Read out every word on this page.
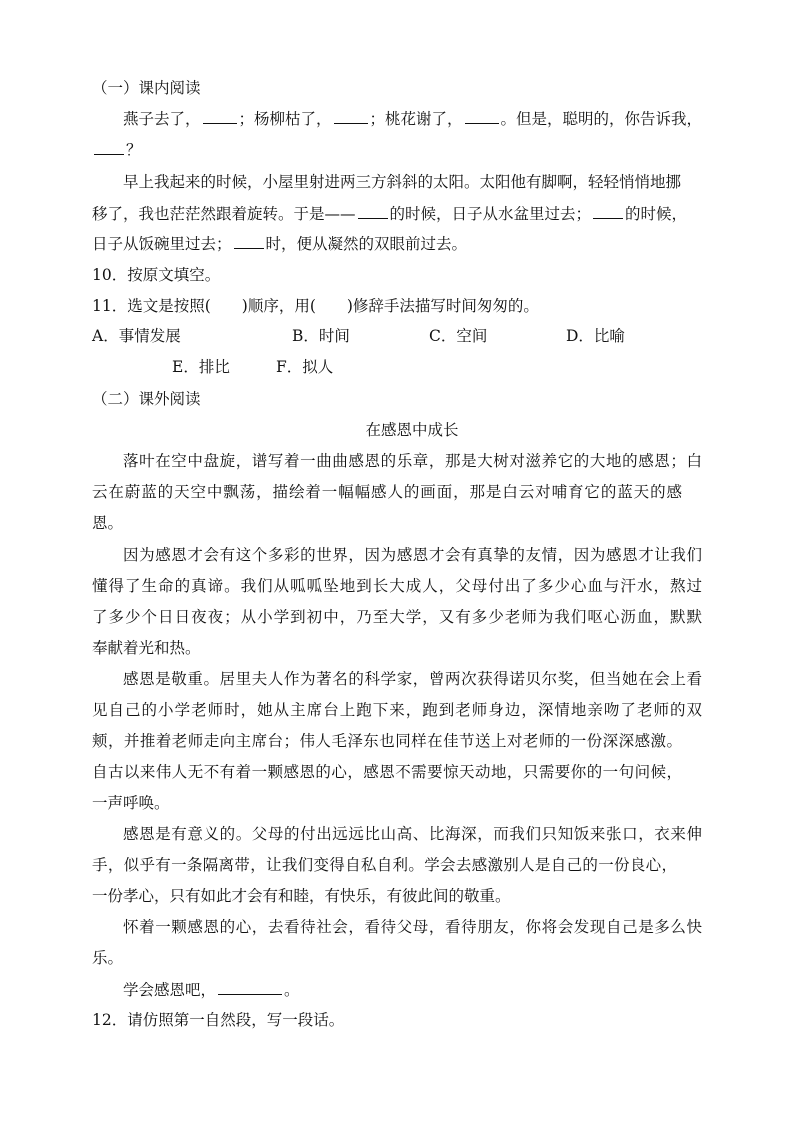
（一）课内阅读
燕子去了， ；杨柳枯了， ；桃花谢了， 。但是，聪明的，你告诉我，
？
早上我起来的时候，小屋里射进两三方斜斜的太阳。太阳他有脚啊，轻轻悄悄地挪
移了，我也茫茫然跟着旋转。于是—— 的时候，日子从水盆里过去； 的时候，
日子从饭碗里过去； 时，便从凝然的双眼前过去。
10．按原文填空。
11．选文是按照(　　)顺序，用(　　)修辞手法描写时间匆匆的。
A．事情发展	B．时间	C．空间	D．比喻
E．排比	F．拟人
（二）课外阅读
在感恩中成长
落叶在空中盘旋，谱写着一曲曲感恩的乐章，那是大树对滋养它的大地的感恩；白
云在蔚蓝的天空中飘荡，描绘着一幅幅感人的画面，那是白云对哺育它的蓝天的感
恩。
因为感恩才会有这个多彩的世界，因为感恩才会有真挚的友情，因为感恩才让我们
懂得了生命的真谛。我们从呱呱坠地到长大成人，父母付出了多少心血与汗水，熬过
了多少个日日夜夜；从小学到初中，乃至大学，又有多少老师为我们呕心沥血，默默
奉献着光和热。
感恩是敬重。居里夫人作为著名的科学家，曾两次获得诺贝尔奖，但当她在会上看
见自己的小学老师时，她从主席台上跑下来，跑到老师身边，深情地亲吻了老师的双
颊，并推着老师走向主席台；伟人毛泽东也同样在佳节送上对老师的一份深深感激。
自古以来伟人无不有着一颗感恩的心，感恩不需要惊天动地，只需要你的一句问候，
一声呼唤。
感恩是有意义的。父母的付出远远比山高、比海深，而我们只知饭来张口，衣来伸
手，似乎有一条隔离带，让我们变得自私自利。学会去感激别人是自己的一份良心，
一份孝心，只有如此才会有和睦，有快乐，有彼此间的敬重。
怀着一颗感恩的心，去看待社会，看待父母，看待朋友，你将会发现自己是多么快
乐。
学会感恩吧，	。
12．请仿照第一自然段，写一段话。
